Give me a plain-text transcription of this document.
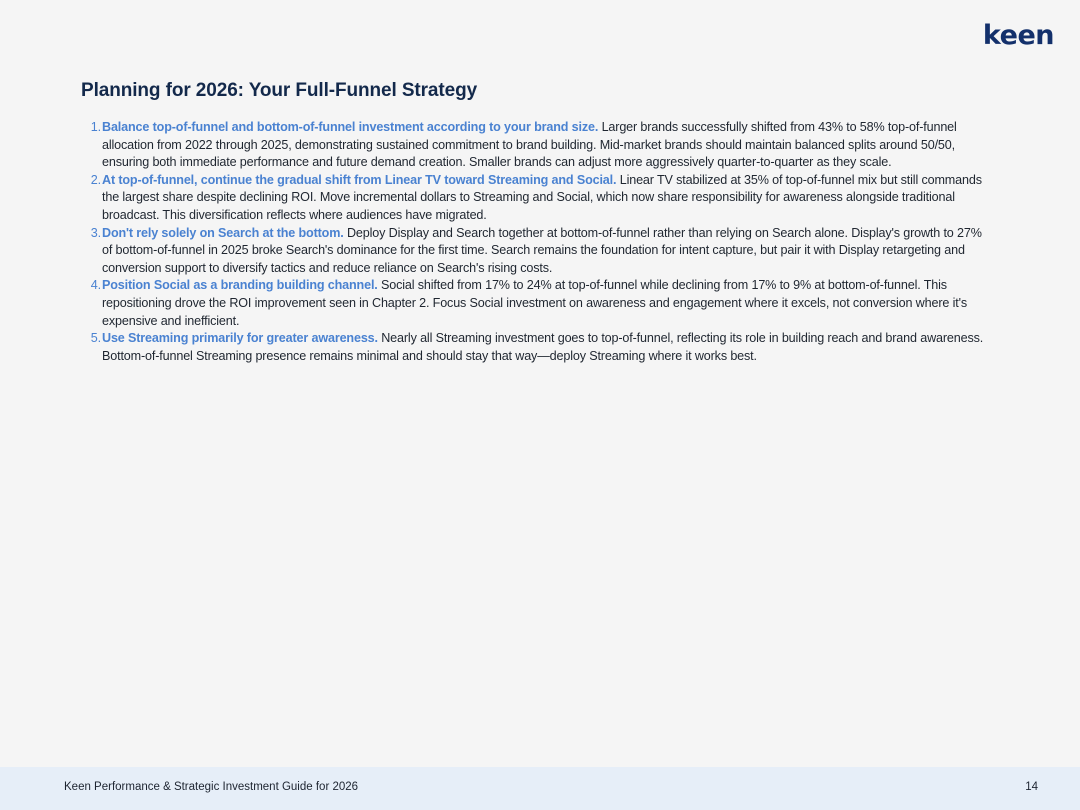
keen
Planning for 2026: Your Full-Funnel Strategy
1. Balance top-of-funnel and bottom-of-funnel investment according to your brand size. Larger brands successfully shifted from 43% to 58% top-of-funnel allocation from 2022 through 2025, demonstrating sustained commitment to brand building. Mid-market brands should maintain balanced splits around 50/50, ensuring both immediate performance and future demand creation. Smaller brands can adjust more aggressively quarter-to-quarter as they scale.
2. At top-of-funnel, continue the gradual shift from Linear TV toward Streaming and Social. Linear TV stabilized at 35% of top-of-funnel mix but still commands the largest share despite declining ROI. Move incremental dollars to Streaming and Social, which now share responsibility for awareness alongside traditional broadcast. This diversification reflects where audiences have migrated.
3. Don't rely solely on Search at the bottom. Deploy Display and Search together at bottom-of-funnel rather than relying on Search alone. Display's growth to 27% of bottom-of-funnel in 2025 broke Search's dominance for the first time. Search remains the foundation for intent capture, but pair it with Display retargeting and conversion support to diversify tactics and reduce reliance on Search's rising costs.
4. Position Social as a branding building channel. Social shifted from 17% to 24% at top-of-funnel while declining from 17% to 9% at bottom-of-funnel. This repositioning drove the ROI improvement seen in Chapter 2. Focus Social investment on awareness and engagement where it excels, not conversion where it's expensive and inefficient.
5. Use Streaming primarily for greater awareness. Nearly all Streaming investment goes to top-of-funnel, reflecting its role in building reach and brand awareness. Bottom-of-funnel Streaming presence remains minimal and should stay that way—deploy Streaming where it works best.
Keen Performance & Strategic Investment Guide for 2026	14
